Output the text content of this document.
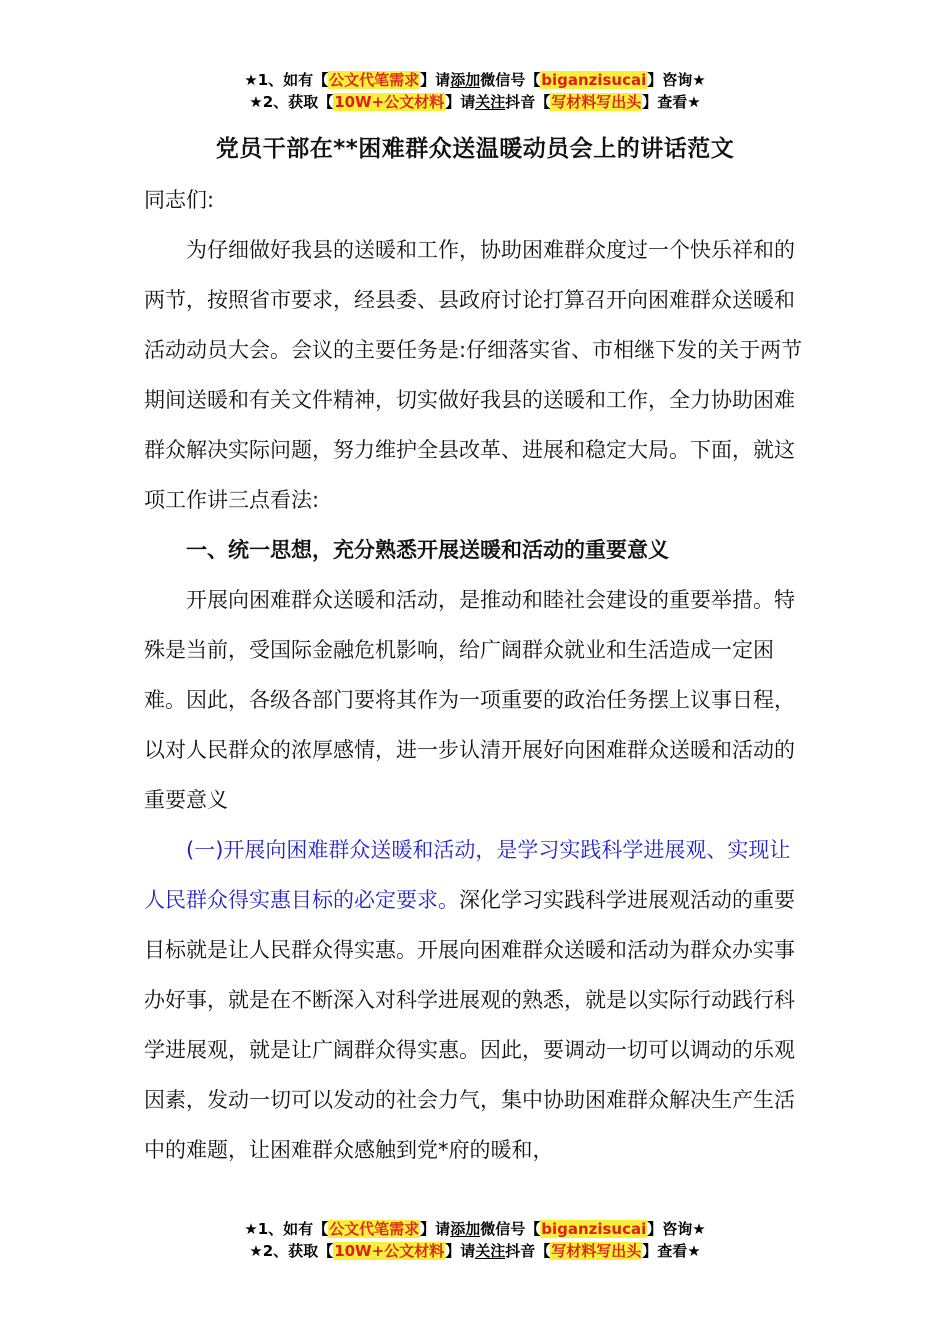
★1、如有【公文代笔需求】请添加微信号【biganzisucai】咨询★
★2、获取【10W+公文材料】请关注抖音【写材料写出头】查看★
党员干部在**困难群众送温暖动员会上的讲话范文

同志们:

为仔细做好我县的送暖和工作，协助困难群众度过一个快乐祥和的两节，按照省市要求，经县委、县政府讨论打算召开向困难群众送暖和活动动员大会。会议的主要任务是:仔细落实省、市相继下发的关于两节期间送暖和有关文件精神，切实做好我县的送暖和工作，全力协助困难群众解决实际问题，努力维护全县改革、进展和稳定大局。下面，就这项工作讲三点看法:

一、统一思想，充分熟悉开展送暖和活动的重要意义

开展向困难群众送暖和活动，是推动和睦社会建设的重要举措。特殊是当前，受国际金融危机影响，给广阔群众就业和生活造成一定困难。因此，各级各部门要将其作为一项重要的政治任务摆上议事日程，以对人民群众的浓厚感情，进一步认清开展好向困难群众送暖和活动的重要意义

(一)开展向困难群众送暖和活动，是学习实践科学进展观、实现让人民群众得实惠目标的必定要求。深化学习实践科学进展观活动的重要目标就是让人民群众得实惠。开展向困难群众送暖和活动为群众办实事办好事，就是在不断深入对科学进展观的熟悉，就是以实际行动践行科学进展观，就是让广阔群众得实惠。因此，要调动一切可以调动的乐观因素，发动一切可以发动的社会力气，集中协助困难群众解决生产生活中的难题，让困难群众感触到党*府的暖和，

★1、如有【公文代笔需求】请添加微信号【biganzisucai】咨询★
★2、获取【10W+公文材料】请关注抖音【写材料写出头】查看★
